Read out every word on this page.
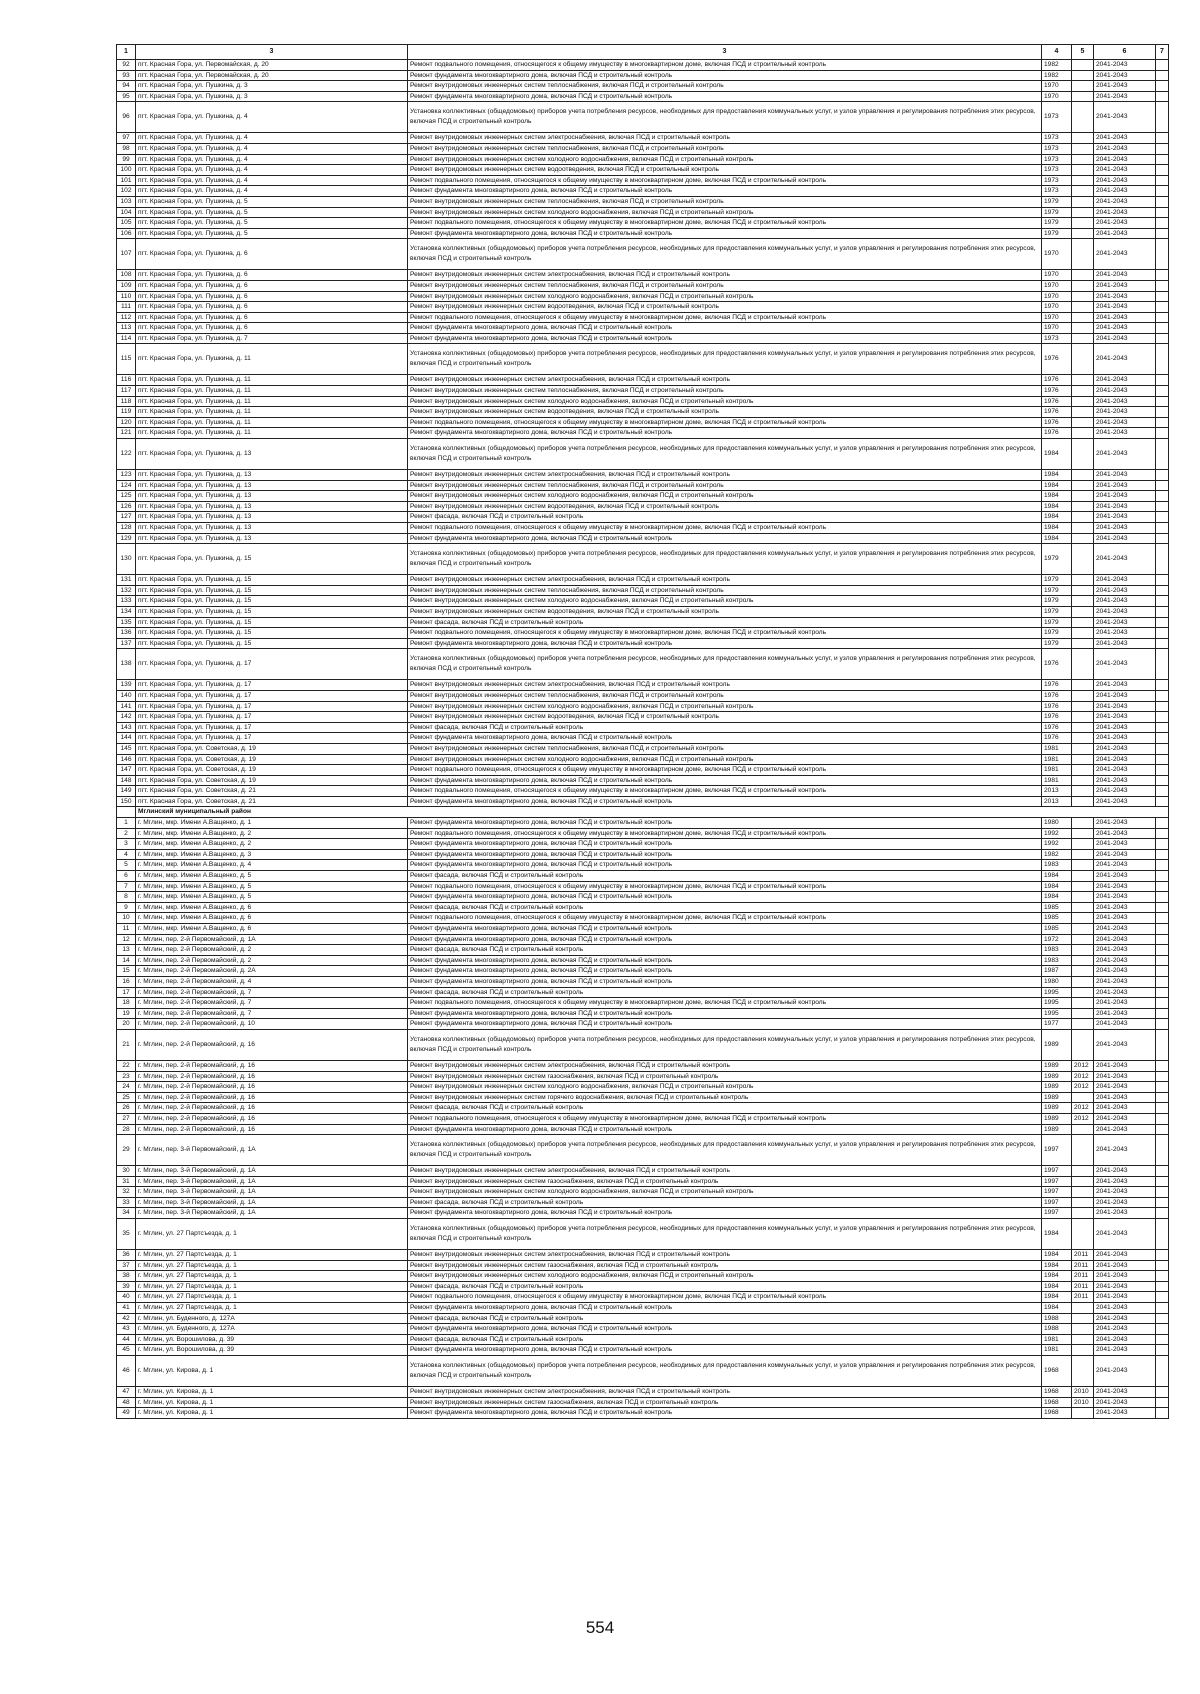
1	3	3	4	5	6	7
92	пгт. Красная Гора, ул. Первомайская, д. 20	Ремонт подвального помещения, относящегося к общему имуществу в многоквартирном доме, включая ПСД и строительный контроль	1982		2041-2043	
93	пгт. Красная Гора, ул. Первомайская, д. 20	Ремонт фундамента многоквартирного дома, включая ПСД и строительный контроль	1982		2041-2043	
94	пгт. Красная Гора, ул. Пушкина, д. 3	Ремонт внутридомовых инженерных систем теплоснабжения, включая ПСД и строительный контроль	1970		2041-2043	
95	пгт. Красная Гора, ул. Пушкина, д. 3	Ремонт фундамента многоквартирного дома, включая ПСД и строительный контроль	1970		2041-2043	
96	пгт. Красная Гора, ул. Пушкина, д. 4	Установка коллективных (общедомовых) приборов учета потребления ресурсов, необходимых для предоставления коммунальных услуг, и узлов управления и регулирования потребления этих ресурсов, включая ПСД и строительный контроль	1973		2041-2043	
97	пгт. Красная Гора, ул. Пушкина, д. 4	Ремонт внутридомовых инженерных систем электроснабжения, включая ПСД и строительный контроль	1973		2041-2043	
98	пгт. Красная Гора, ул. Пушкина, д. 4	Ремонт внутридомовых инженерных систем теплоснабжения, включая ПСД и строительный контроль	1973		2041-2043	
99	пгт. Красная Гора, ул. Пушкина, д. 4	Ремонт внутридомовых инженерных систем холодного водоснабжения, включая ПСД и строительный контроль	1973		2041-2043	
100	пгт. Красная Гора, ул. Пушкина, д. 4	Ремонт внутридомовых инженерных систем водоотведения, включая ПСД и строительный контроль	1973		2041-2043	
101	пгт. Красная Гора, ул. Пушкина, д. 4	Ремонт подвального помещения, относящегося к общему имуществу в многоквартирном доме, включая ПСД и строительный контроль	1973		2041-2043	
102	пгт. Красная Гора, ул. Пушкина, д. 4	Ремонт фундамента многоквартирного дома, включая ПСД и строительный контроль	1973		2041-2043	
103	пгт. Красная Гора, ул. Пушкина, д. 5	Ремонт внутридомовых инженерных систем теплоснабжения, включая ПСД и строительный контроль	1979		2041-2043	
104	пгт. Красная Гора, ул. Пушкина, д. 5	Ремонт внутридомовых инженерных систем холодного водоснабжения, включая ПСД и строительный контроль	1979		2041-2043	
105	пгт. Красная Гора, ул. Пушкина, д. 5	Ремонт подвального помещения, относящегося к общему имуществу в многоквартирном доме, включая ПСД и строительный контроль	1979		2041-2043	
106	пгт. Красная Гора, ул. Пушкина, д. 5	Ремонт фундамента многоквартирного дома, включая ПСД и строительный контроль	1979		2041-2043	
107	пгт. Красная Гора, ул. Пушкина, д. 6	Установка коллективных (общедомовых) приборов учета потребления ресурсов, необходимых для предоставления коммунальных услуг, и узлов управления и регулирования потребления этих ресурсов, включая ПСД и строительный контроль	1970		2041-2043	
108	пгт. Красная Гора, ул. Пушкина, д. 6	Ремонт внутридомовых инженерных систем электроснабжения, включая ПСД и строительный контроль	1970		2041-2043	
109	пгт. Красная Гора, ул. Пушкина, д. 6	Ремонт внутридомовых инженерных систем теплоснабжения, включая ПСД и строительный контроль	1970		2041-2043	
110	пгт. Красная Гора, ул. Пушкина, д. 6	Ремонт внутридомовых инженерных систем холодного водоснабжения, включая ПСД и строительный контроль	1970		2041-2043	
111	пгт. Красная Гора, ул. Пушкина, д. 6	Ремонт внутридомовых инженерных систем водоотведения, включая ПСД и строительный контроль	1970		2041-2043	
112	пгт. Красная Гора, ул. Пушкина, д. 6	Ремонт подвального помещения, относящегося к общему имуществу в многоквартирном доме, включая ПСД и строительный контроль	1970		2041-2043	
113	пгт. Красная Гора, ул. Пушкина, д. 6	Ремонт фундамента многоквартирного дома, включая ПСД и строительный контроль	1970		2041-2043	
114	пгт. Красная Гора, ул. Пушкина, д. 7	Ремонт фундамента многоквартирного дома, включая ПСД и строительный контроль	1973		2041-2043	
115	пгт. Красная Гора, ул. Пушкина, д. 11	Установка коллективных (общедомовых) приборов учета потребления ресурсов, необходимых для предоставления коммунальных услуг, и узлов управления и регулирования потребления этих ресурсов, включая ПСД и строительный контроль	1976		2041-2043	
116	пгт. Красная Гора, ул. Пушкина, д. 11	Ремонт внутридомовых инженерных систем электроснабжения, включая ПСД и строительный контроль	1976		2041-2043	
117	пгт. Красная Гора, ул. Пушкина, д. 11	Ремонт внутридомовых инженерных систем теплоснабжения, включая ПСД и строительный контроль	1976		2041-2043	
118	пгт. Красная Гора, ул. Пушкина, д. 11	Ремонт внутридомовых инженерных систем холодного водоснабжения, включая ПСД и строительный контроль	1976		2041-2043	
119	пгт. Красная Гора, ул. Пушкина, д. 11	Ремонт внутридомовых инженерных систем водоотведения, включая ПСД и строительный контроль	1976		2041-2043	
120	пгт. Красная Гора, ул. Пушкина, д. 11	Ремонт подвального помещения, относящегося к общему имуществу в многоквартирном доме, включая ПСД и строительный контроль	1976		2041-2043	
121	пгт. Красная Гора, ул. Пушкина, д. 11	Ремонт фундамента многоквартирного дома, включая ПСД и строительный контроль	1976		2041-2043	
122	пгт. Красная Гора, ул. Пушкина, д. 13	Установка коллективных (общедомовых) приборов учета потребления ресурсов, необходимых для предоставления коммунальных услуг, и узлов управления и регулирования потребления этих ресурсов, включая ПСД и строительный контроль	1984		2041-2043	
123	пгт. Красная Гора, ул. Пушкина, д. 13	Ремонт внутридомовых инженерных систем электроснабжения, включая ПСД и строительный контроль	1984		2041-2043	
124	пгт. Красная Гора, ул. Пушкина, д. 13	Ремонт внутридомовых инженерных систем теплоснабжения, включая ПСД и строительный контроль	1984		2041-2043	
125	пгт. Красная Гора, ул. Пушкина, д. 13	Ремонт внутридомовых инженерных систем холодного водоснабжения, включая ПСД и строительный контроль	1984		2041-2043	
126	пгт. Красная Гора, ул. Пушкина, д. 13	Ремонт внутридомовых инженерных систем водоотведения, включая ПСД и строительный контроль	1984		2041-2043	
127	пгт. Красная Гора, ул. Пушкина, д. 13	Ремонт фасада, включая ПСД и строительный контроль	1984		2041-2043	
128	пгт. Красная Гора, ул. Пушкина, д. 13	Ремонт подвального помещения, относящегося к общему имуществу в многоквартирном доме, включая ПСД и строительный контроль	1984		2041-2043	
129	пгт. Красная Гора, ул. Пушкина, д. 13	Ремонт фундамента многоквартирного дома, включая ПСД и строительный контроль	1984		2041-2043	
130	пгт. Красная Гора, ул. Пушкина, д. 15	Установка коллективных (общедомовых) приборов учета потребления ресурсов, необходимых для предоставления коммунальных услуг, и узлов управления и регулирования потребления этих ресурсов, включая ПСД и строительный контроль	1979		2041-2043	
131	пгт. Красная Гора, ул. Пушкина, д. 15	Ремонт внутридомовых инженерных систем электроснабжения, включая ПСД и строительный контроль	1979		2041-2043	
132	пгт. Красная Гора, ул. Пушкина, д. 15	Ремонт внутридомовых инженерных систем теплоснабжения, включая ПСД и строительный контроль	1979		2041-2043	
133	пгт. Красная Гора, ул. Пушкина, д. 15	Ремонт внутридомовых инженерных систем холодного водоснабжения, включая ПСД и строительный контроль	1979		2041-2043	
134	пгт. Красная Гора, ул. Пушкина, д. 15	Ремонт внутридомовых инженерных систем водоотведения, включая ПСД и строительный контроль	1979		2041-2043	
135	пгт. Красная Гора, ул. Пушкина, д. 15	Ремонт фасада, включая ПСД и строительный контроль	1979		2041-2043	
136	пгт. Красная Гора, ул. Пушкина, д. 15	Ремонт подвального помещения, относящегося к общему имуществу в многоквартирном доме, включая ПСД и строительный контроль	1979		2041-2043	
137	пгт. Красная Гора, ул. Пушкина, д. 15	Ремонт фундамента многоквартирного дома, включая ПСД и строительный контроль	1979		2041-2043	
138	пгт. Красная Гора, ул. Пушкина, д. 17	Установка коллективных (общедомовых) приборов учета потребления ресурсов, необходимых для предоставления коммунальных услуг, и узлов управления и регулирования потребления этих ресурсов, включая ПСД и строительный контроль	1976		2041-2043	
139	пгт. Красная Гора, ул. Пушкина, д. 17	Ремонт внутридомовых инженерных систем электроснабжения, включая ПСД и строительный контроль	1976		2041-2043	
140	пгт. Красная Гора, ул. Пушкина, д. 17	Ремонт внутридомовых инженерных систем теплоснабжения, включая ПСД и строительный контроль	1976		2041-2043	
141	пгт. Красная Гора, ул. Пушкина, д. 17	Ремонт внутридомовых инженерных систем холодного водоснабжения, включая ПСД и строительный контроль	1976		2041-2043	
142	пгт. Красная Гора, ул. Пушкина, д. 17	Ремонт внутридомовых инженерных систем водоотведения, включая ПСД и строительный контроль	1976		2041-2043	
143	пгт. Красная Гора, ул. Пушкина, д. 17	Ремонт фасада, включая ПСД и строительный контроль	1976		2041-2043	
144	пгт. Красная Гора, ул. Пушкина, д. 17	Ремонт фундамента многоквартирного дома, включая ПСД и строительный контроль	1976		2041-2043	
145	пгт. Красная Гора, ул. Советская, д. 19	Ремонт внутридомовых инженерных систем теплоснабжения, включая ПСД и строительный контроль	1981		2041-2043	
146	пгт. Красная Гора, ул. Советская, д. 19	Ремонт внутридомовых инженерных систем холодного водоснабжения, включая ПСД и строительный контроль	1981		2041-2043	
147	пгт. Красная Гора, ул. Советская, д. 19	Ремонт подвального помещения, относящегося к общему имуществу в многоквартирном доме, включая ПСД и строительный контроль	1981		2041-2043	
148	пгт. Красная Гора, ул. Советская, д. 19	Ремонт фундамента многоквартирного дома, включая ПСД и строительный контроль	1981		2041-2043	
149	пгт. Красная Гора, ул. Советская, д. 21	Ремонт подвального помещения, относящегося к общему имуществу в многоквартирном доме, включая ПСД и строительный контроль	2013		2041-2043	
150	пгт. Красная Гора, ул. Советская, д. 21	Ремонт фундамента многоквартирного дома, включая ПСД и строительный контроль	2013		2041-2043	
	Мглинский муниципальный район					
1	г. Мглин, мкр. Имени А.Ващенко, д. 1	Ремонт фундамента многоквартирного дома, включая ПСД и строительный контроль	1980		2041-2043	
2	г. Мглин, мкр. Имени А.Ващенко, д. 2	Ремонт подвального помещения, относящегося к общему имуществу в многоквартирном доме, включая ПСД и строительный контроль	1992		2041-2043	
3	г. Мглин, мкр. Имени А.Ващенко, д. 2	Ремонт фундамента многоквартирного дома, включая ПСД и строительный контроль	1992		2041-2043	
4	г. Мглин, мкр. Имени А.Ващенко, д. 3	Ремонт фундамента многоквартирного дома, включая ПСД и строительный контроль	1982		2041-2043	
5	г. Мглин, мкр. Имени А.Ващенко, д. 4	Ремонт фундамента многоквартирного дома, включая ПСД и строительный контроль	1983		2041-2043	
6	г. Мглин, мкр. Имени А.Ващенко, д. 5	Ремонт фасада, включая ПСД и строительный контроль	1984		2041-2043	
7	г. Мглин, мкр. Имени А.Ващенко, д. 5	Ремонт подвального помещения, относящегося к общему имуществу в многоквартирном доме, включая ПСД и строительный контроль	1984		2041-2043	
8	г. Мглин, мкр. Имени А.Ващенко, д. 5	Ремонт фундамента многоквартирного дома, включая ПСД и строительный контроль	1984		2041-2043	
9	г. Мглин, мкр. Имени А.Ващенко, д. 6	Ремонт фасада, включая ПСД и строительный контроль	1985		2041-2043	
10	г. Мглин, мкр. Имени А.Ващенко, д. 6	Ремонт подвального помещения, относящегося к общему имуществу в многоквартирном доме, включая ПСД и строительный контроль	1985		2041-2043	
11	г. Мглин, мкр. Имени А.Ващенко, д. 6	Ремонт фундамента многоквартирного дома, включая ПСД и строительный контроль	1985		2041-2043	
12	г. Мглин, пер. 2-й Первомайский, д. 1А	Ремонт фундамента многоквартирного дома, включая ПСД и строительный контроль	1972		2041-2043	
13	г. Мглин, пер. 2-й Первомайский, д. 2	Ремонт фасада, включая ПСД и строительный контроль	1983		2041-2043	
14	г. Мглин, пер. 2-й Первомайский, д. 2	Ремонт фундамента многоквартирного дома, включая ПСД и строительный контроль	1983		2041-2043	
15	г. Мглин, пер. 2-й Первомайский, д. 2А	Ремонт фундамента многоквартирного дома, включая ПСД и строительный контроль	1987		2041-2043	
16	г. Мглин, пер. 2-й Первомайский, д. 4	Ремонт фундамента многоквартирного дома, включая ПСД и строительный контроль	1980		2041-2043	
17	г. Мглин, пер. 2-й Первомайский, д. 7	Ремонт фасада, включая ПСД и строительный контроль	1995		2041-2043	
18	г. Мглин, пер. 2-й Первомайский, д. 7	Ремонт подвального помещения, относящегося к общему имуществу в многоквартирном доме, включая ПСД и строительный контроль	1995		2041-2043	
19	г. Мглин, пер. 2-й Первомайский, д. 7	Ремонт фундамента многоквартирного дома, включая ПСД и строительный контроль	1995		2041-2043	
20	г. Мглин, пер. 2-й Первомайский, д. 10	Ремонт фундамента многоквартирного дома, включая ПСД и строительный контроль	1977		2041-2043	
21	г. Мглин, пер. 2-й Первомайский, д. 16	Установка коллективных (общедомовых) приборов учета потребления ресурсов, необходимых для предоставления коммунальных услуг, и узлов управления и регулирования потребления этих ресурсов, включая ПСД и строительный контроль	1989		2041-2043	
22	г. Мглин, пер. 2-й Первомайский, д. 16	Ремонт внутридомовых инженерных систем электроснабжения, включая ПСД и строительный контроль	1989	2012	2041-2043	
23	г. Мглин, пер. 2-й Первомайский, д. 16	Ремонт внутридомовых инженерных систем газоснабжения, включая ПСД и строительный контроль	1989	2012	2041-2043	
24	г. Мглин, пер. 2-й Первомайский, д. 16	Ремонт внутридомовых инженерных систем холодного водоснабжения, включая ПСД и строительный контроль	1989	2012	2041-2043	
25	г. Мглин, пер. 2-й Первомайский, д. 16	Ремонт внутридомовых инженерных систем горячего водоснабжения, включая ПСД и строительный контроль	1989		2041-2043	
26	г. Мглин, пер. 2-й Первомайский, д. 16	Ремонт фасада, включая ПСД и строительный контроль	1989	2012	2041-2043	
27	г. Мглин, пер. 2-й Первомайский, д. 16	Ремонт подвального помещения, относящегося к общему имуществу в многоквартирном доме, включая ПСД и строительный контроль	1989	2012	2041-2043	
28	г. Мглин, пер. 2-й Первомайский, д. 16	Ремонт фундамента многоквартирного дома, включая ПСД и строительный контроль	1989		2041-2043	
29	г. Мглин, пер. 3-й Первомайский, д. 1А	Установка коллективных (общедомовых) приборов учета потребления ресурсов, необходимых для предоставления коммунальных услуг, и узлов управления и регулирования потребления этих ресурсов, включая ПСД и строительный контроль	1997		2041-2043	
30	г. Мглин, пер. 3-й Первомайский, д. 1А	Ремонт внутридомовых инженерных систем электроснабжения, включая ПСД и строительный контроль	1997		2041-2043	
31	г. Мглин, пер. 3-й Первомайский, д. 1А	Ремонт внутридомовых инженерных систем газоснабжения, включая ПСД и строительный контроль	1997		2041-2043	
32	г. Мглин, пер. 3-й Первомайский, д. 1А	Ремонт внутридомовых инженерных систем холодного водоснабжения, включая ПСД и строительный контроль	1997		2041-2043	
33	г. Мглин, пер. 3-й Первомайский, д. 1А	Ремонт фасада, включая ПСД и строительный контроль	1997		2041-2043	
34	г. Мглин, пер. 3-й Первомайский, д. 1А	Ремонт фундамента многоквартирного дома, включая ПСД и строительный контроль	1997		2041-2043	
35	г. Мглин, ул. 27 Партсъезда, д. 1	Установка коллективных (общедомовых) приборов учета потребления ресурсов, необходимых для предоставления коммунальных услуг, и узлов управления и регулирования потребления этих ресурсов, включая ПСД и строительный контроль	1984		2041-2043	
36	г. Мглин, ул. 27 Партсъезда, д. 1	Ремонт внутридомовых инженерных систем электроснабжения, включая ПСД и строительный контроль	1984	2011	2041-2043	
37	г. Мглин, ул. 27 Партсъезда, д. 1	Ремонт внутридомовых инженерных систем газоснабжения, включая ПСД и строительный контроль	1984	2011	2041-2043	
38	г. Мглин, ул. 27 Партсъезда, д. 1	Ремонт внутридомовых инженерных систем холодного водоснабжения, включая ПСД и строительный контроль	1984	2011	2041-2043	
39	г. Мглин, ул. 27 Партсъезда, д. 1	Ремонт фасада, включая ПСД и строительный контроль	1984	2011	2041-2043	
40	г. Мглин, ул. 27 Партсъезда, д. 1	Ремонт подвального помещения, относящегося к общему имуществу в многоквартирном доме, включая ПСД и строительный контроль	1984	2011	2041-2043	
41	г. Мглин, ул. 27 Партсъезда, д. 1	Ремонт фундамента многоквартирного дома, включая ПСД и строительный контроль	1984		2041-2043	
42	г. Мглин, ул. Буденного, д. 127А	Ремонт фасада, включая ПСД и строительный контроль	1988		2041-2043	
43	г. Мглин, ул. Буденного, д. 127А	Ремонт фундамента многоквартирного дома, включая ПСД и строительный контроль	1988		2041-2043	
44	г. Мглин, ул. Ворошилова, д. 39	Ремонт фасада, включая ПСД и строительный контроль	1981		2041-2043	
45	г. Мглин, ул. Ворошилова, д. 39	Ремонт фундамента многоквартирного дома, включая ПСД и строительный контроль	1981		2041-2043	
46	г. Мглин, ул. Кирова, д. 1	Установка коллективных (общедомовых) приборов учета потребления ресурсов, необходимых для предоставления коммунальных услуг, и узлов управления и регулирования потребления этих ресурсов, включая ПСД и строительный контроль	1968		2041-2043	
47	г. Мглин, ул. Кирова, д. 1	Ремонт внутридомовых инженерных систем электроснабжения, включая ПСД и строительный контроль	1968	2010	2041-2043	
48	г. Мглин, ул. Кирова, д. 1	Ремонт внутридомовых инженерных систем газоснабжения, включая ПСД и строительный контроль	1968	2010	2041-2043	
49	г. Мглин, ул. Кирова, д. 1	Ремонт фундамента многоквартирного дома, включая ПСД и строительный контроль	1968		2041-2043	
554
